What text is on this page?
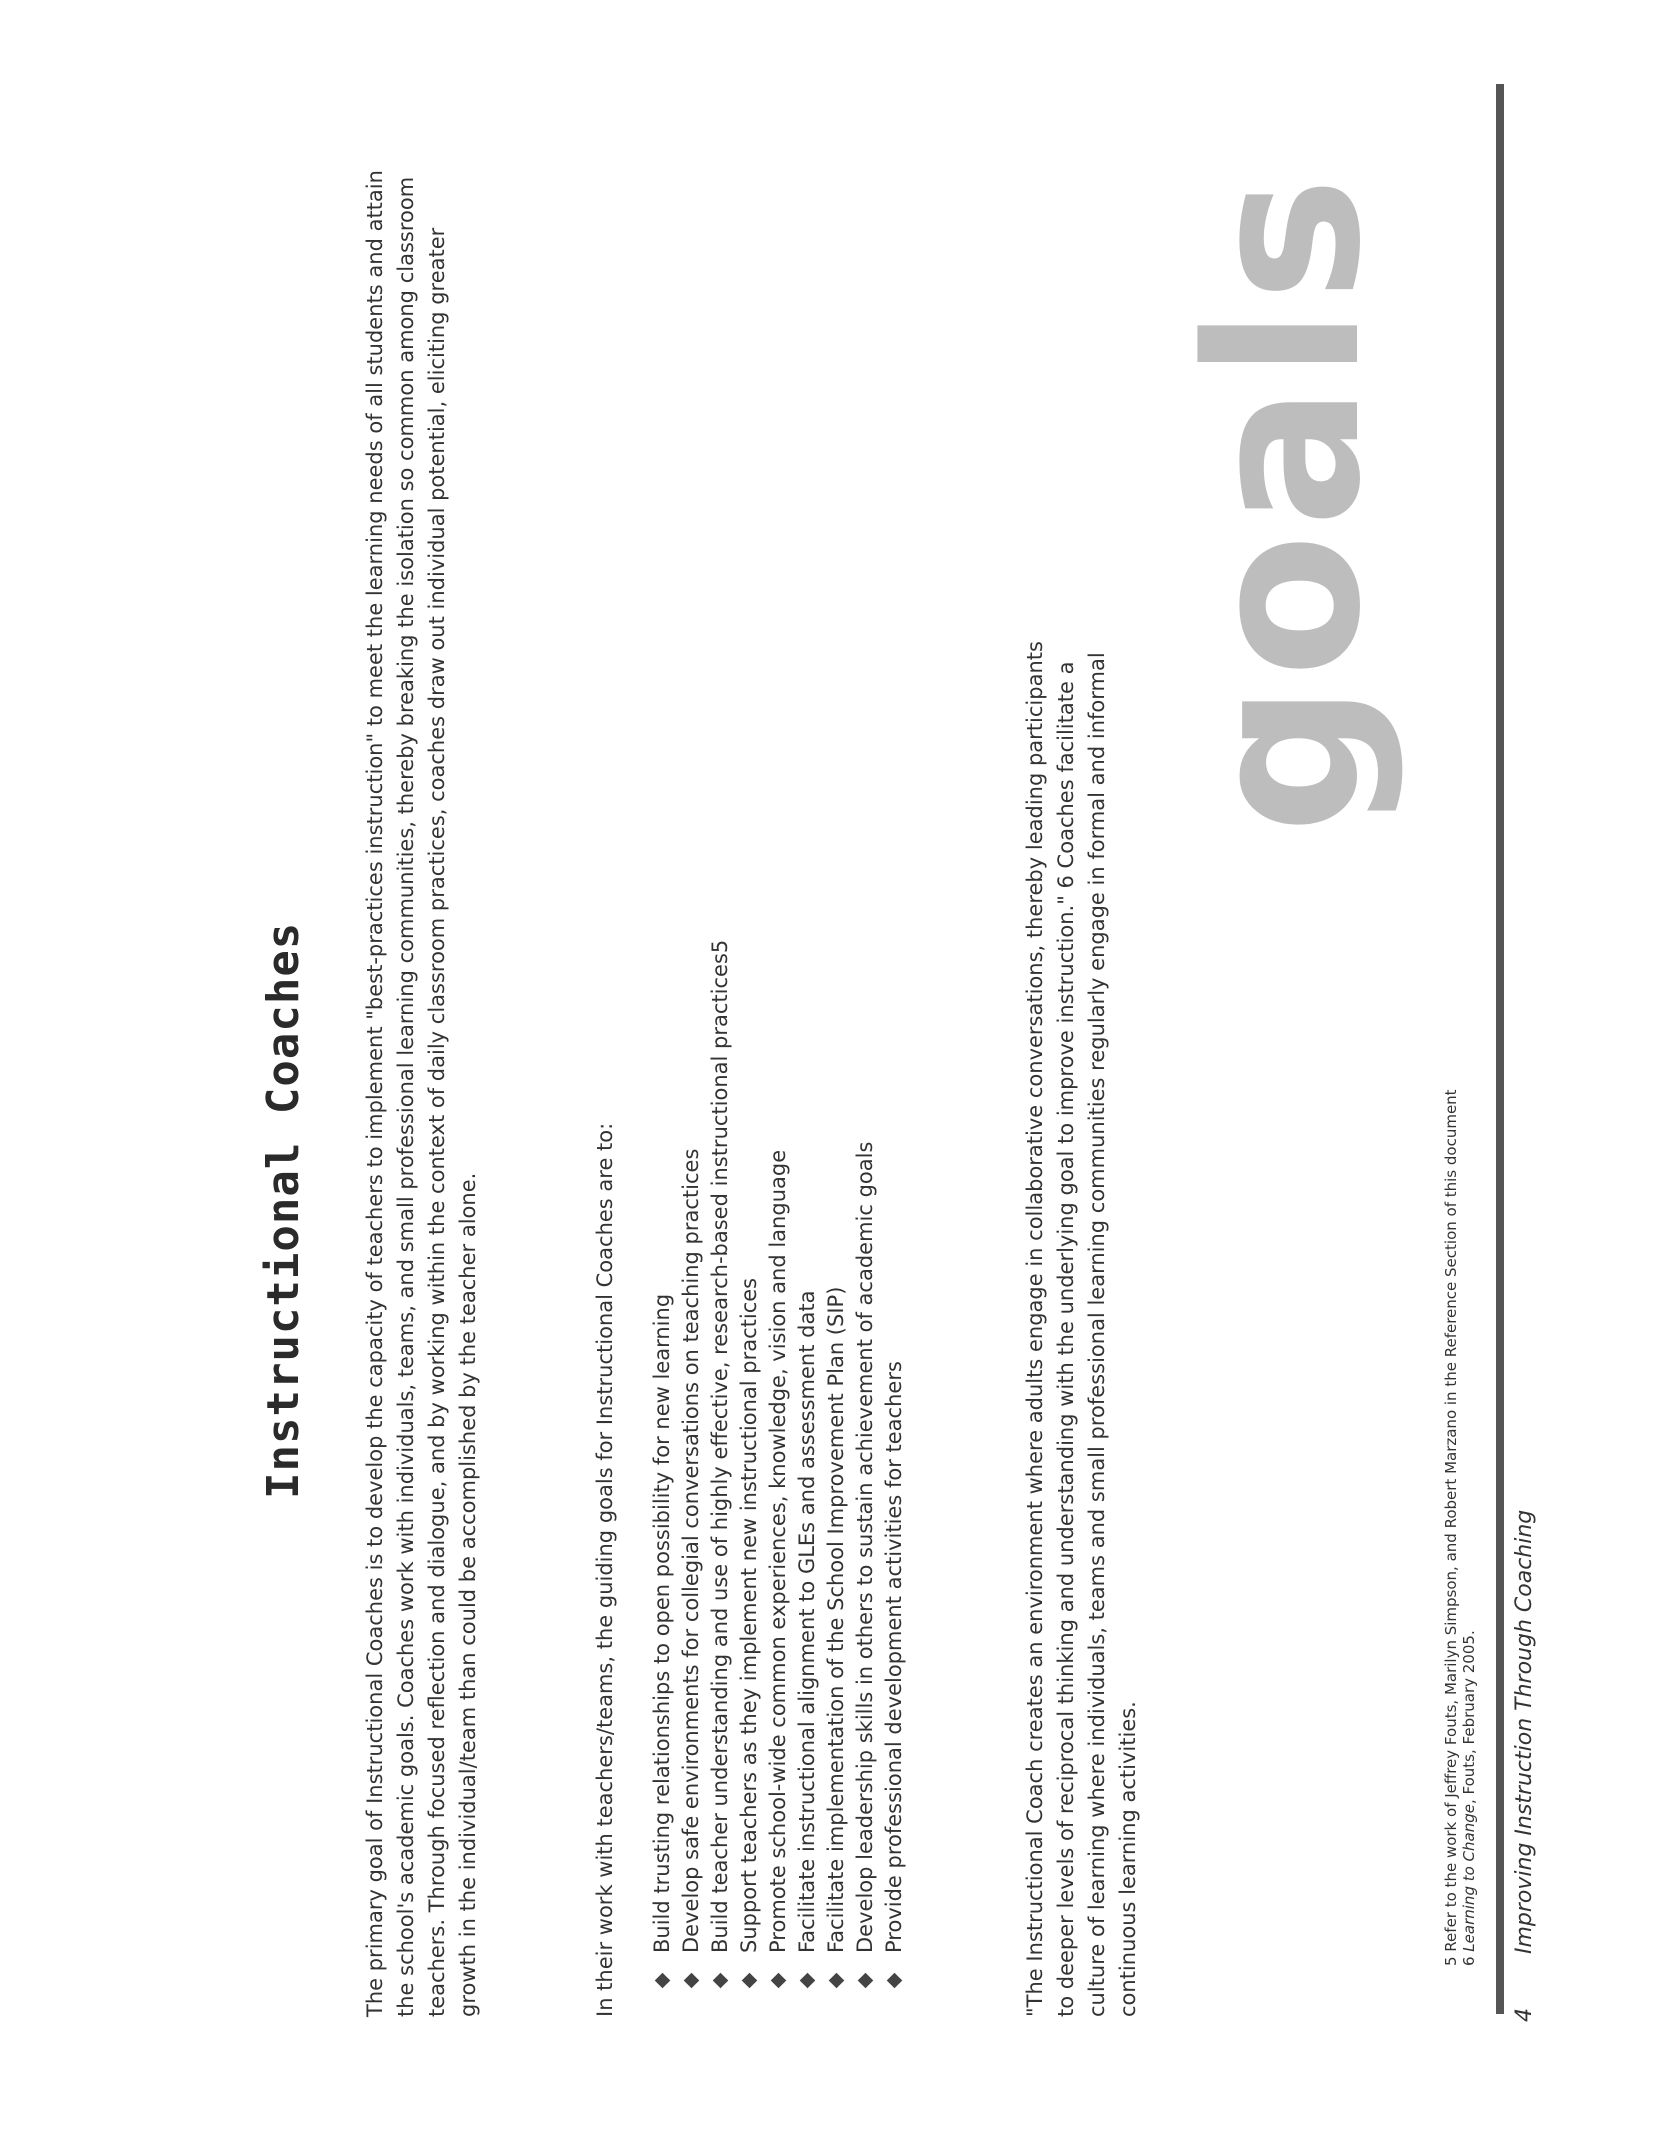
Instructional Coaches	The primary goal of Instructional Coaches is to develop the capacity of teachers to implement "best-practices instruction" to meet the learning needs of all students and attain the school's academic goals. Coaches work with individuals, teams, and small professional learning communities, thereby breaking the isolation so common among classroom teachers. Through focused reflection and dialogue, and by working within the context of daily classroom practices, coaches draw out individual potential, eliciting greater growth in the individual/team than could be accomplished by the teacher alone.	In their work with teachers/teams, the guiding goals for Instructional Coaches are to: Build trusting relationships to open possibility for new learning Develop safe environments for collegial conversations on teaching practices Build teacher understanding and use of highly effective, research-based instructional practices5 Support teachers as they implement new instructional practices Promote school-wide common experiences, knowledge, vision and language Facilitate instructional alignment to GLEs and assessment data Facilitate implementation of the School Improvement Plan (SIP) Develop leadership skills in others to sustain achievement of academic goals Provide professional development activities for teachers	"The Instructional Coach creates an environment where adults engage in collaborative conversations, thereby leading participants to deeper levels of reciprocal thinking and understanding with the underlying goal to improve instruction." 6 Coaches facilitate a culture of learning where individuals, teams and small professional learning communities regularly engage in formal and informal continuous learning activities.

goals
5 Refer to the work of Jeffrey Fouts, Marilyn Simpson, and Robert Marzano in the Reference Section of this document 6 Learning to Change, Fouts, February 2005.
4
Improving Instruction Through Coaching
